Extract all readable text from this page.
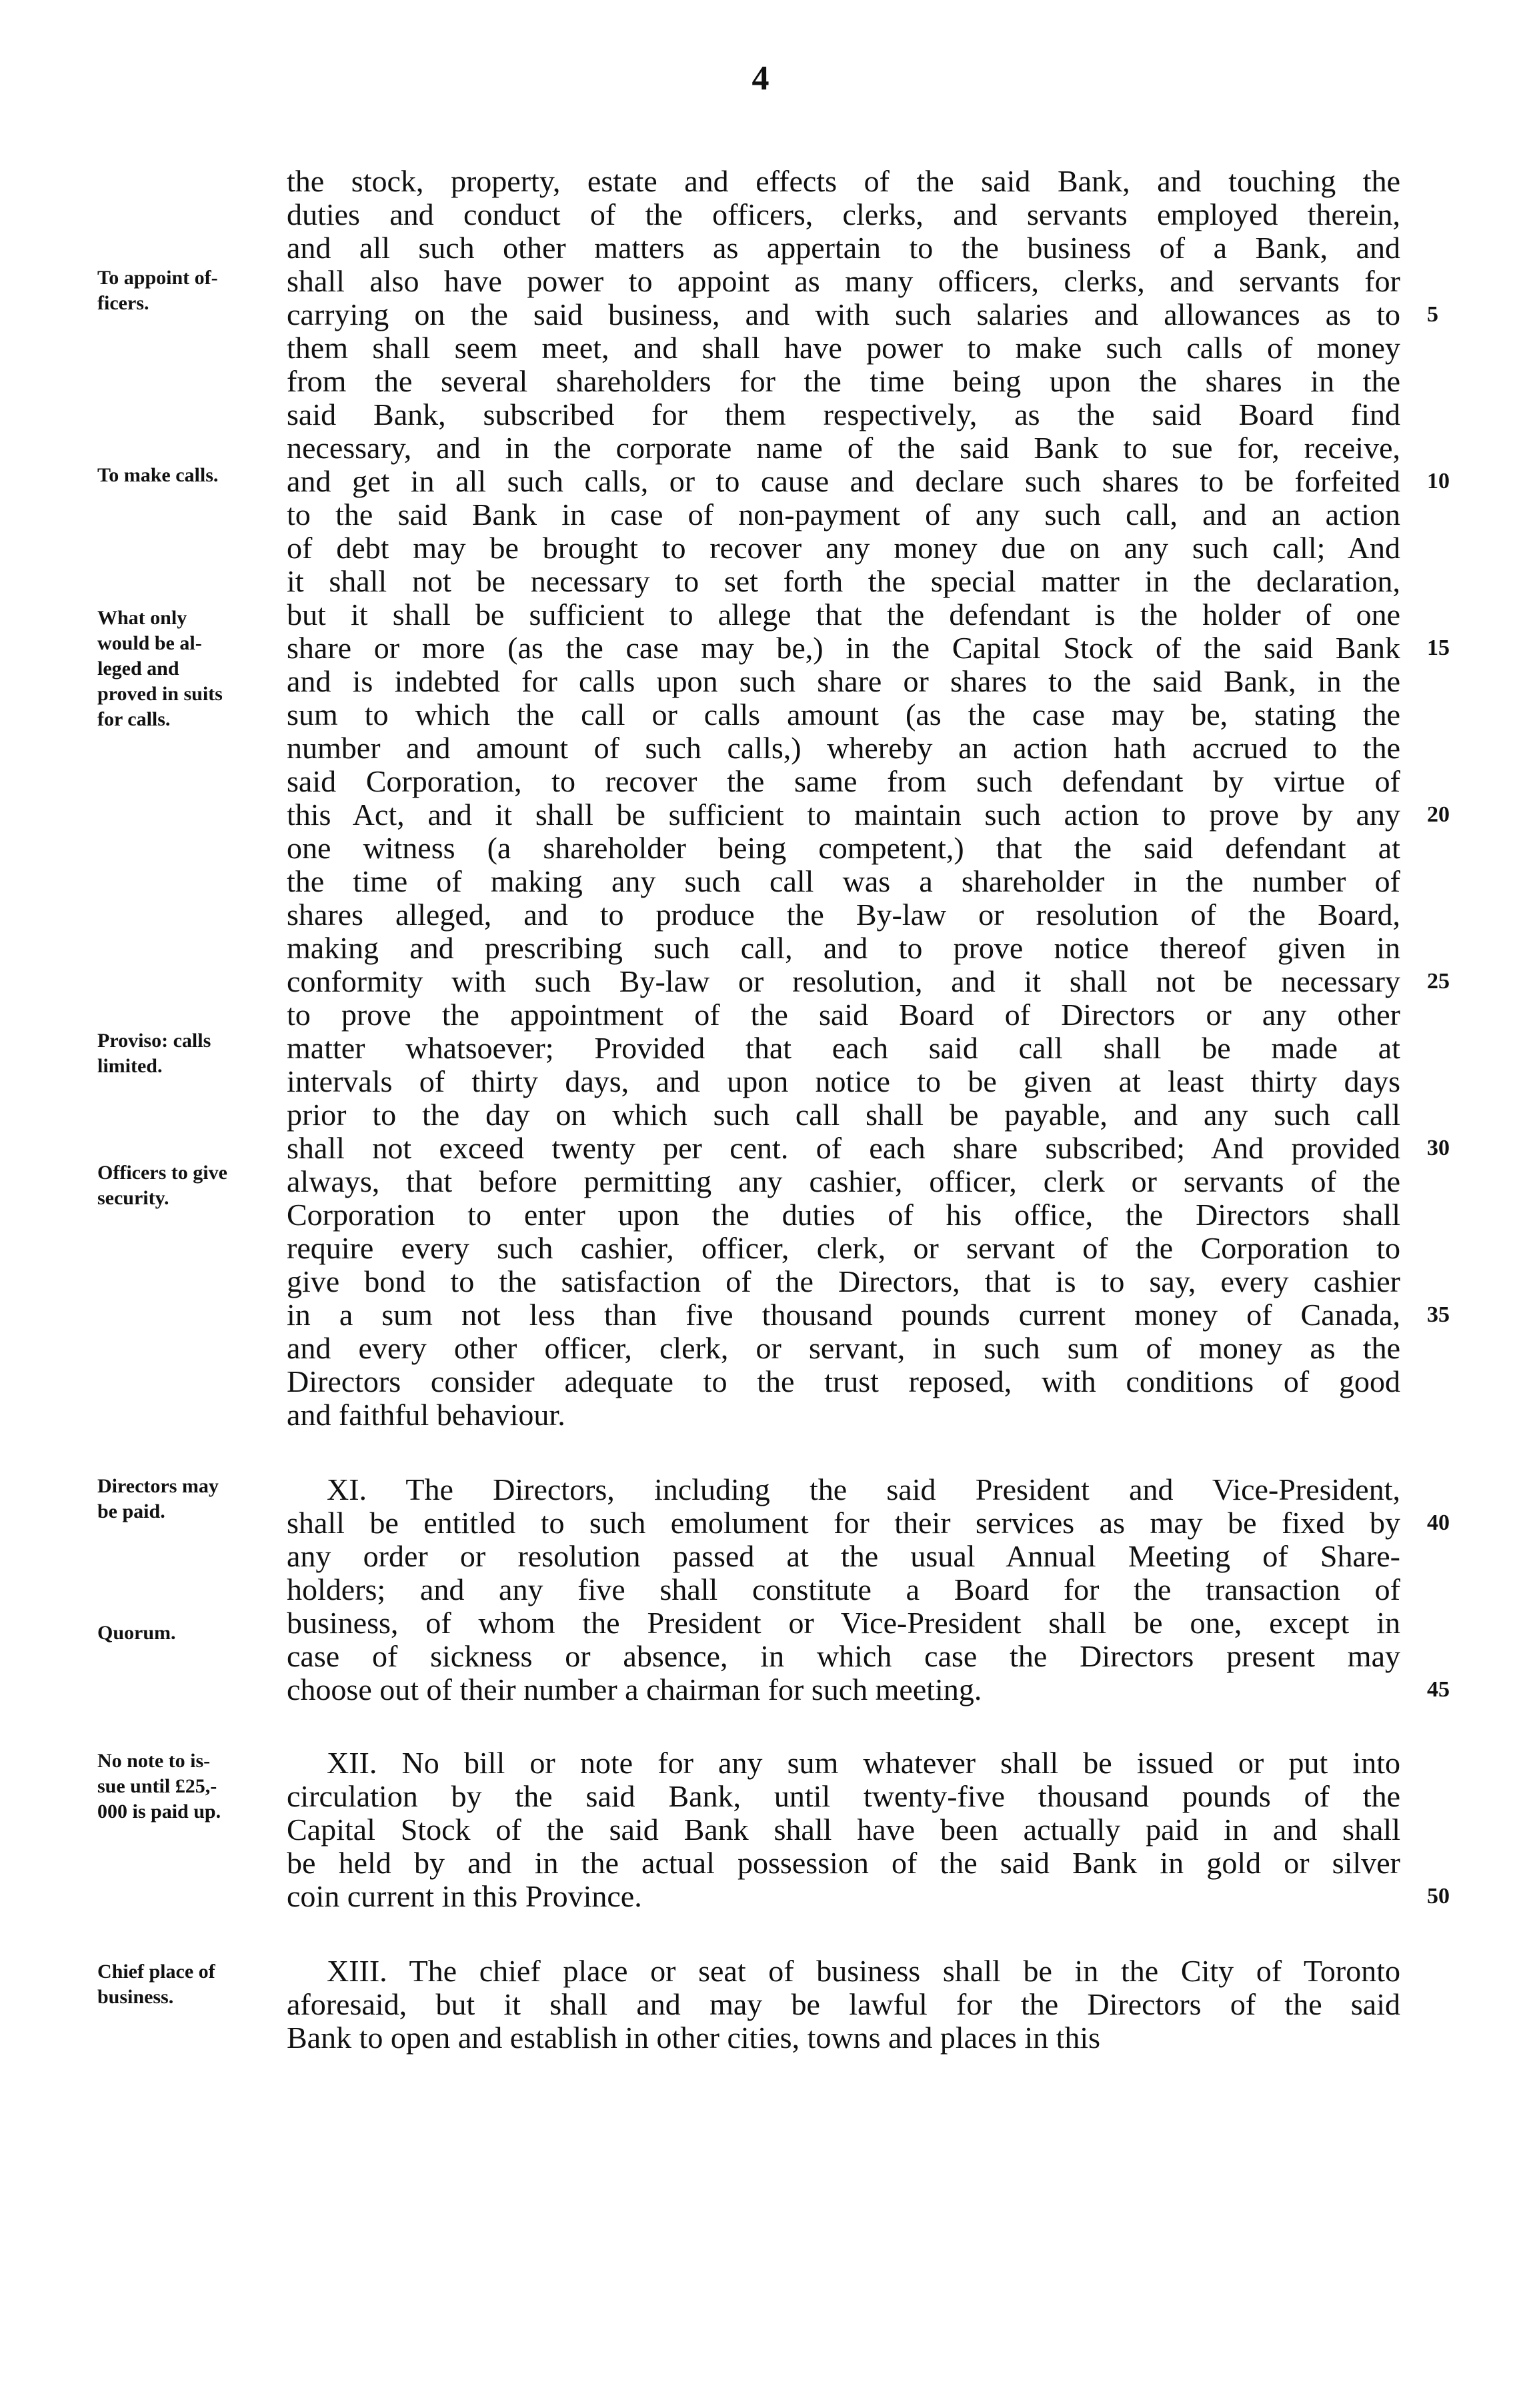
4
the stock, property, estate and effects of the said Bank, and touching the
duties and conduct of the officers, clerks, and servants employed therein,
and all such other matters as appertain to the business of a Bank, and
shall also have power to appoint as many officers, clerks, and servants for
carrying on the said business, and with such salaries and allowances as to
them shall seem meet, and shall have power to make such calls of money
from the several shareholders for the time being upon the shares in the
said Bank, subscribed for them respectively, as the said Board find
necessary, and in the corporate name of the said Bank to sue for, receive,
and get in all such calls, or to cause and declare such shares to be forfeited
to the said Bank in case of non-payment of any such call, and an action
of debt may be brought to recover any money due on any such call; And
it shall not be necessary to set forth the special matter in the declaration,
but it shall be sufficient to allege that the defendant is the holder of one
share or more (as the case may be,) in the Capital Stock of the said Bank
and is indebted for calls upon such share or shares to the said Bank, in the
sum to which the call or calls amount (as the case may be, stating the
number and amount of such calls,) whereby an action hath accrued to the
said Corporation, to recover the same from such defendant by virtue of
this Act, and it shall be sufficient to maintain such action to prove by any
one witness (a shareholder being competent,) that the said defendant at
the time of making any such call was a shareholder in the number of
shares alleged, and to produce the By-law or resolution of the Board,
making and prescribing such call, and to prove notice thereof given in
conformity with such By-law or resolution, and it shall not be necessary
to prove the appointment of the said Board of Directors or any other
matter whatsoever; Provided that each said call shall be made at
intervals of thirty days, and upon notice to be given at least thirty days
prior to the day on which such call shall be payable, and any such call
shall not exceed twenty per cent. of each share subscribed; And provided
always, that before permitting any cashier, officer, clerk or servants of the
Corporation to enter upon the duties of his office, the Directors shall
require every such cashier, officer, clerk, or servant of the Corporation to
give bond to the satisfaction of the Directors, that is to say, every cashier
in a sum not less than five thousand pounds current money of Canada,
and every other officer, clerk, or servant, in such sum of money as the
Directors consider adequate to the trust reposed, with conditions of good
and faithful behaviour.
XI. The Directors, including the said President and Vice-President,
shall be entitled to such emolument for their services as may be fixed by
any order or resolution passed at the usual Annual Meeting of Share-
holders; and any five shall constitute a Board for the transaction of
business, of whom the President or Vice-President shall be one, except in
case of sickness or absence, in which case the Directors present may
choose out of their number a chairman for such meeting.
XII. No bill or note for any sum whatever shall be issued or put into
circulation by the said Bank, until twenty-five thousand pounds of the
Capital Stock of the said Bank shall have been actually paid in and shall
be held by and in the actual possession of the said Bank in gold or silver
coin current in this Province.
XIII. The chief place or seat of business shall be in the City of Toronto
aforesaid, but it shall and may be lawful for the Directors of the said
Bank to open and establish in other cities, towns and places in this
5
10
15
20
25
30
35
40
45
50
To appoint of-
ficers.
To make calls.
What only
would be al-
leged and
proved in suits
for calls.
Proviso: calls
limited.
Officers to give
security.
Directors may
be paid.
Quorum.
No note to is-
sue until £25,-
000 is paid up.
Chief place of
business.
